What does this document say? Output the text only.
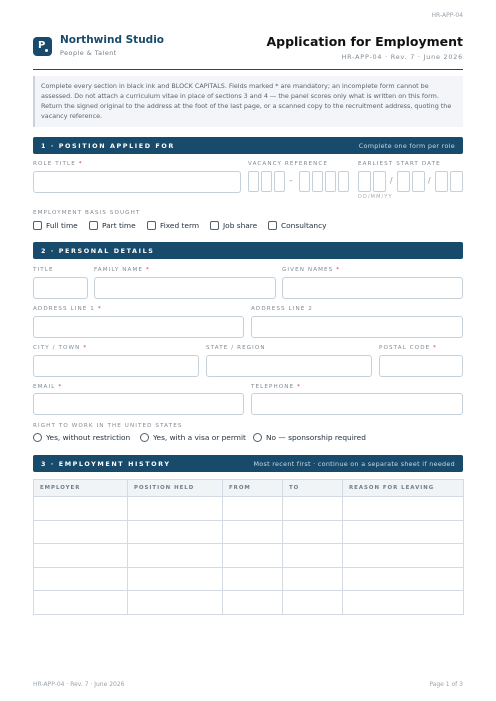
HR-APP-04
P Northwind Studio
People & Talent
Application for Employment
HR-APP-04 · Rev. 7 · June 2026
Complete every section in black ink and BLOCK CAPITALS. Fields marked * are mandatory; an incomplete form cannot be assessed. Do not attach a curriculum vitae in place of sections 3 and 4 — the panel scores only what is written on this form. Return the signed original to the address at the foot of the last page, or a scanned copy to the recruitment address, quoting the vacancy reference.
1 · POSITION APPLIED FOR	Complete one form per role
ROLE TITLE *	VACANCY REFERENCE
–
EARLIEST START DATE
/	/
DD/MM/YY
EMPLOYMENT BASIS SOUGHT
Full time	Part time	Fixed term	Job share	Consultancy
2 · PERSONAL DETAILS
TITLE	FAMILY NAME *	GIVEN NAMES *
ADDRESS LINE 1 *	ADDRESS LINE 2
CITY / TOWN *	STATE / REGION	POSTAL CODE *
EMAIL *	TELEPHONE *
RIGHT TO WORK IN THE UNITED STATES
Yes, without restriction	Yes, with a visa or permit	No — sponsorship required
3 · EMPLOYMENT HISTORY	Most recent first · continue on a separate sheet if needed
EMPLOYER	POSITION HELD	FROM	TO	REASON FOR LEAVING

HR-APP-04 · Rev. 7 · June 2026	Page 1 of 3
